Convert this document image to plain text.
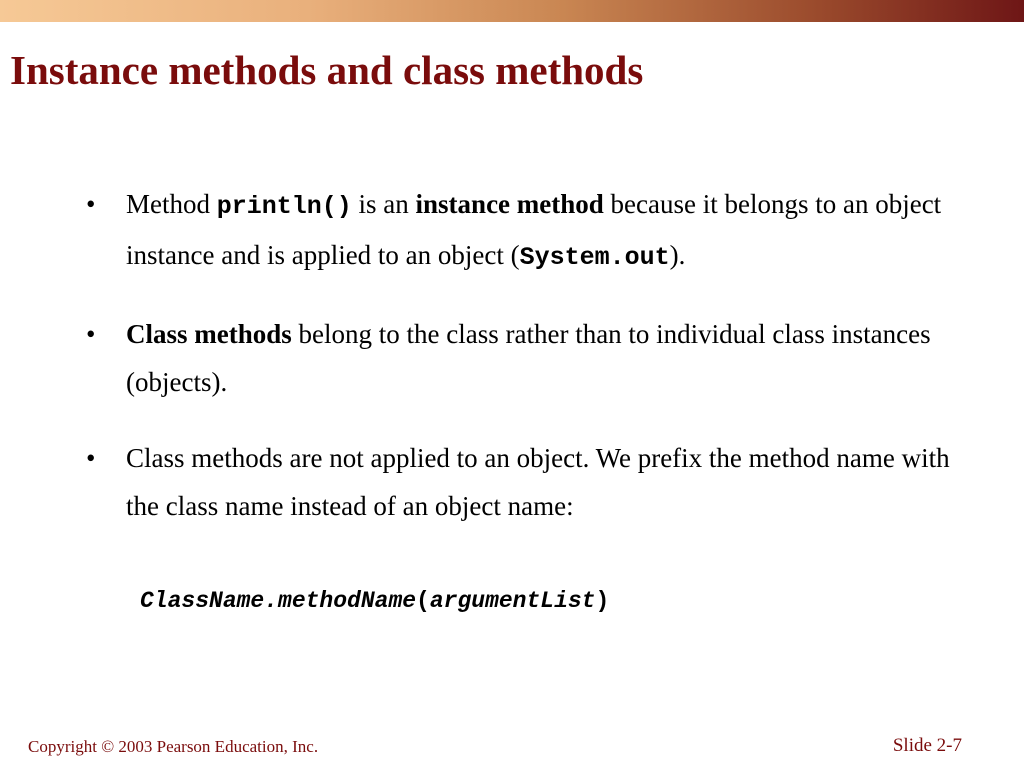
Instance methods and class methods
• Method println() is an instance method because it belongs to an object instance and is applied to an object (System.out).
• Class methods belong to the class rather than to individual class instances (objects).
• Class methods are not applied to an object. We prefix the method name with the class name instead of an object name:
ClassName.methodName(argumentList)
Copyright © 2003 Pearson Education, Inc.	Slide 2-7
